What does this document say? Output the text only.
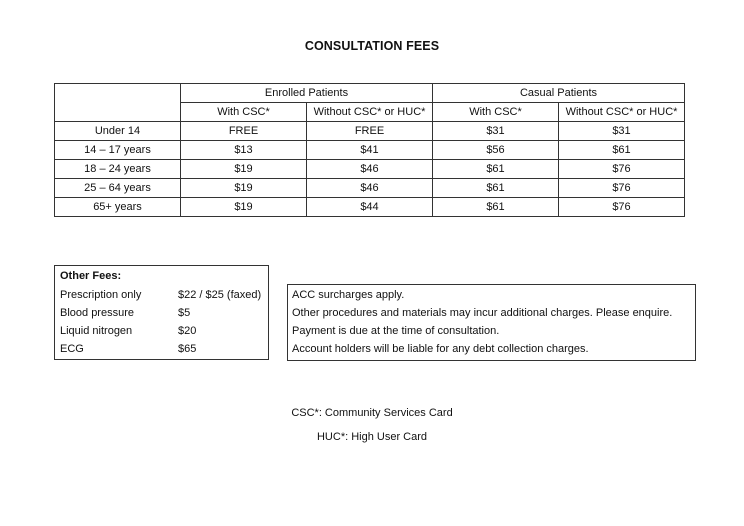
CONSULTATION FEES
	Enrolled Patients		Casual Patients	
	With CSC*	Without CSC* or HUC*	With CSC*	Without CSC* or HUC*
Under 14	FREE	FREE	$31	$31
14 – 17 years	$13	$41	$56	$61
18 – 24 years	$19	$46	$61	$76
25 – 64 years	$19	$46	$61	$76
65+ years	$19	$44	$61	$76
Other Fees:
Prescription only	$22 / $25 (faxed)
Blood pressure	$5
Liquid nitrogen	$20
ECG	$65
ACC surcharges apply.
Other procedures and materials may incur additional charges. Please enquire.
Payment is due at the time of consultation.
Account holders will be liable for any debt collection charges.
CSC*: Community Services Card
HUC*: High User Card
